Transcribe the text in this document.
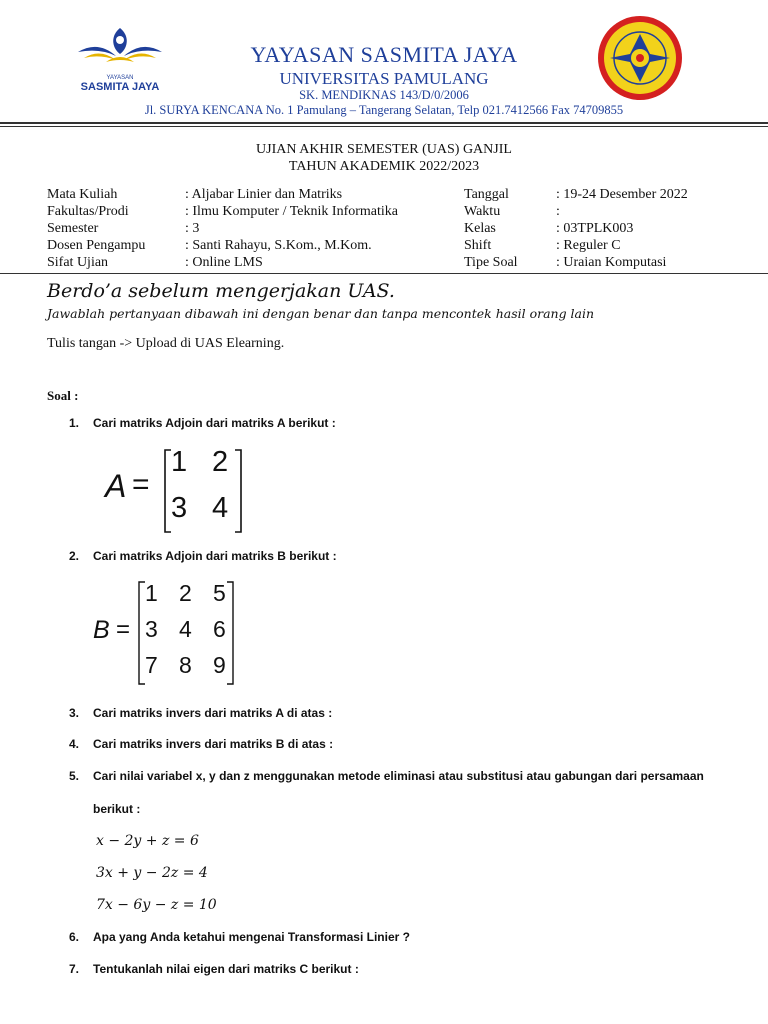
YAYASAN
SASMITA JAYA
YAYASAN SASMITA JAYA
UNIVERSITAS PAMULANG
SK. MENDIKNAS 143/D/0/2006
Jl. SURYA KENCANA No. 1 Pamulang – Tangerang Selatan, Telp 021.7412566 Fax 74709855
UJIAN AKHIR SEMESTER (UAS) GANJIL
TAHUN AKADEMIK 2022/2023
Mata Kuliah
Fakultas/Prodi
Semester
Dosen Pengampu
Sifat Ujian
: Aljabar Linier dan Matriks
: Ilmu Komputer / Teknik Informatika
: 3
: Santi Rahayu, S.Kom., M.Kom.
: Online LMS
Tanggal
Waktu
Kelas
Shift
Tipe Soal
: 19-24 Desember 2022
:
: 03TPLK003
: Reguler C
: Uraian Komputasi
Berdo’a sebelum mengerjakan UAS.
Jawablah pertanyaan dibawah ini dengan benar dan tanpa mencontek hasil orang lain
Tulis tangan -> Upload di UAS Elearning.
Soal :
1. Cari matriks Adjoin dari matriks A berikut :
A =
1 2
3 4
2. Cari matriks Adjoin dari matriks B berikut :
B =
1 2 5
3 4 6
7 8 9
3. Cari matriks invers dari matriks A di atas :
4. Cari matriks invers dari matriks B di atas :
5. Cari nilai variabel x, y dan z menggunakan metode eliminasi atau substitusi atau gabungan dari persamaan
berikut :
𝑥 − 2𝑦 + 𝑧 = 6
3𝑥 + 𝑦 − 2𝑧 = 4
7𝑥 − 6𝑦 − 𝑧 = 10
6. Apa yang Anda ketahui mengenai Transformasi Linier ?
7. Tentukanlah nilai eigen dari matriks C berikut :
